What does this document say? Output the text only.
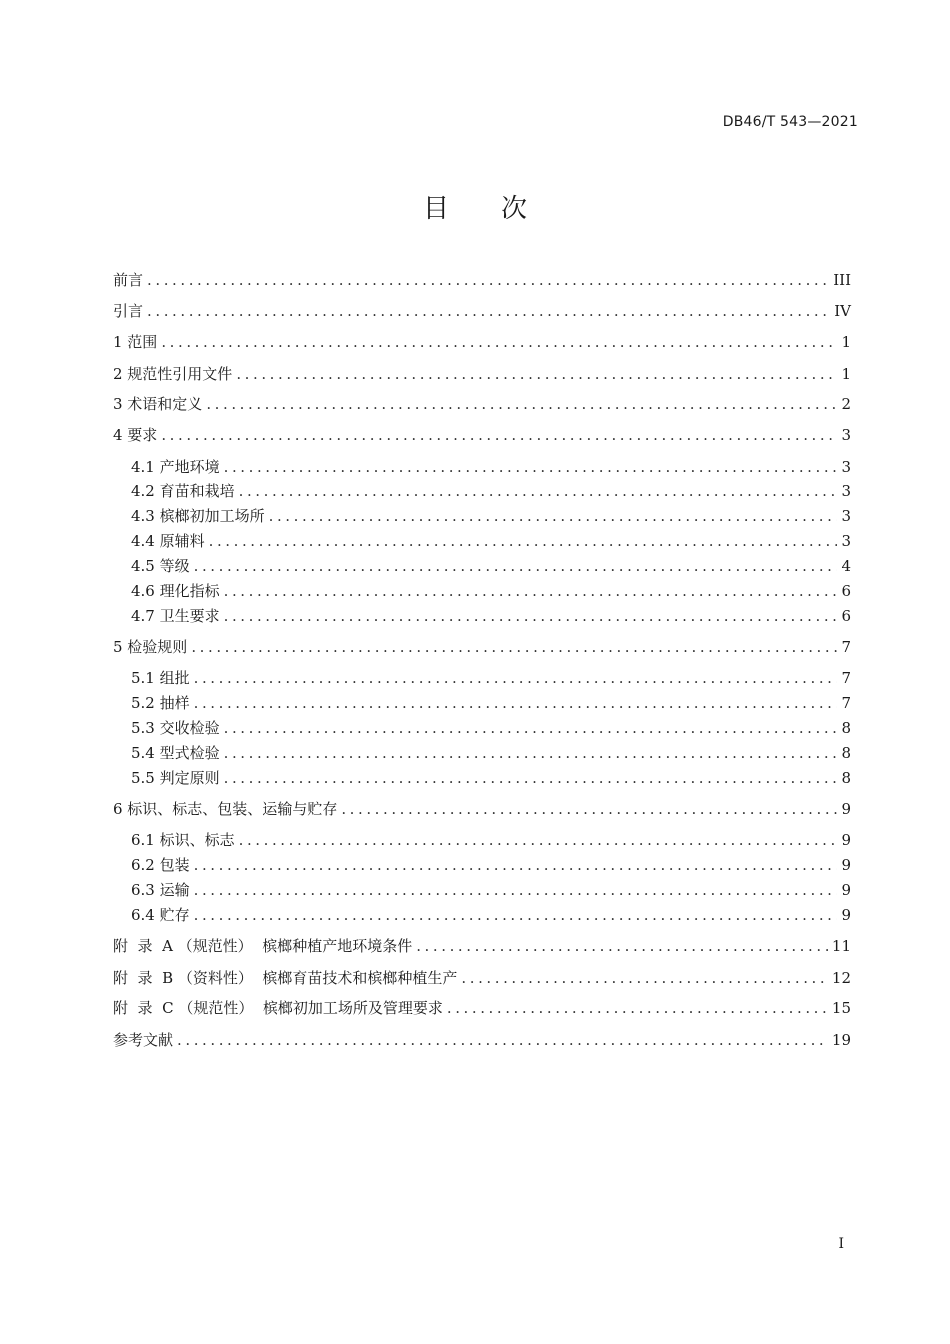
DB46/T 543—2021
目 次
前言 . . .	III
引言 . . .	IV
1 范围 . . .	1
2 规范性引用文件 . . .	1
3 术语和定义 . . .	2
4 要求 . . .	3
4.1 产地环境 . . .	3
4.2 育苗和栽培 . . .	3
4.3 槟榔初加工场所 . . .	3
4.4 原辅料 . . .	3
4.5 等级 . . .	4
4.6 理化指标 . . .	6
4.7 卫生要求 . . .	6
5 检验规则 . . .	7
5.1 组批 . . .	7
5.2 抽样 . . .	7
5.3 交收检验 . . .	8
5.4 型式检验 . . .	8
5.5 判定原则 . . .	8
6 标识、标志、包装、运输与贮存 . . .	9
6.1 标识、标志 . . .	9
6.2 包装 . . .	9
6.3 运输 . . .	9
6.4 贮存 . . .	9
附  录  A （规范性）  槟榔种植产地环境条件 . . .	11
附  录  B （资料性）  槟榔育苗技术和槟榔种植生产 . . .	12
附  录  C （规范性）  槟榔初加工场所及管理要求 . . .	15
参考文献 . . .	19
I
